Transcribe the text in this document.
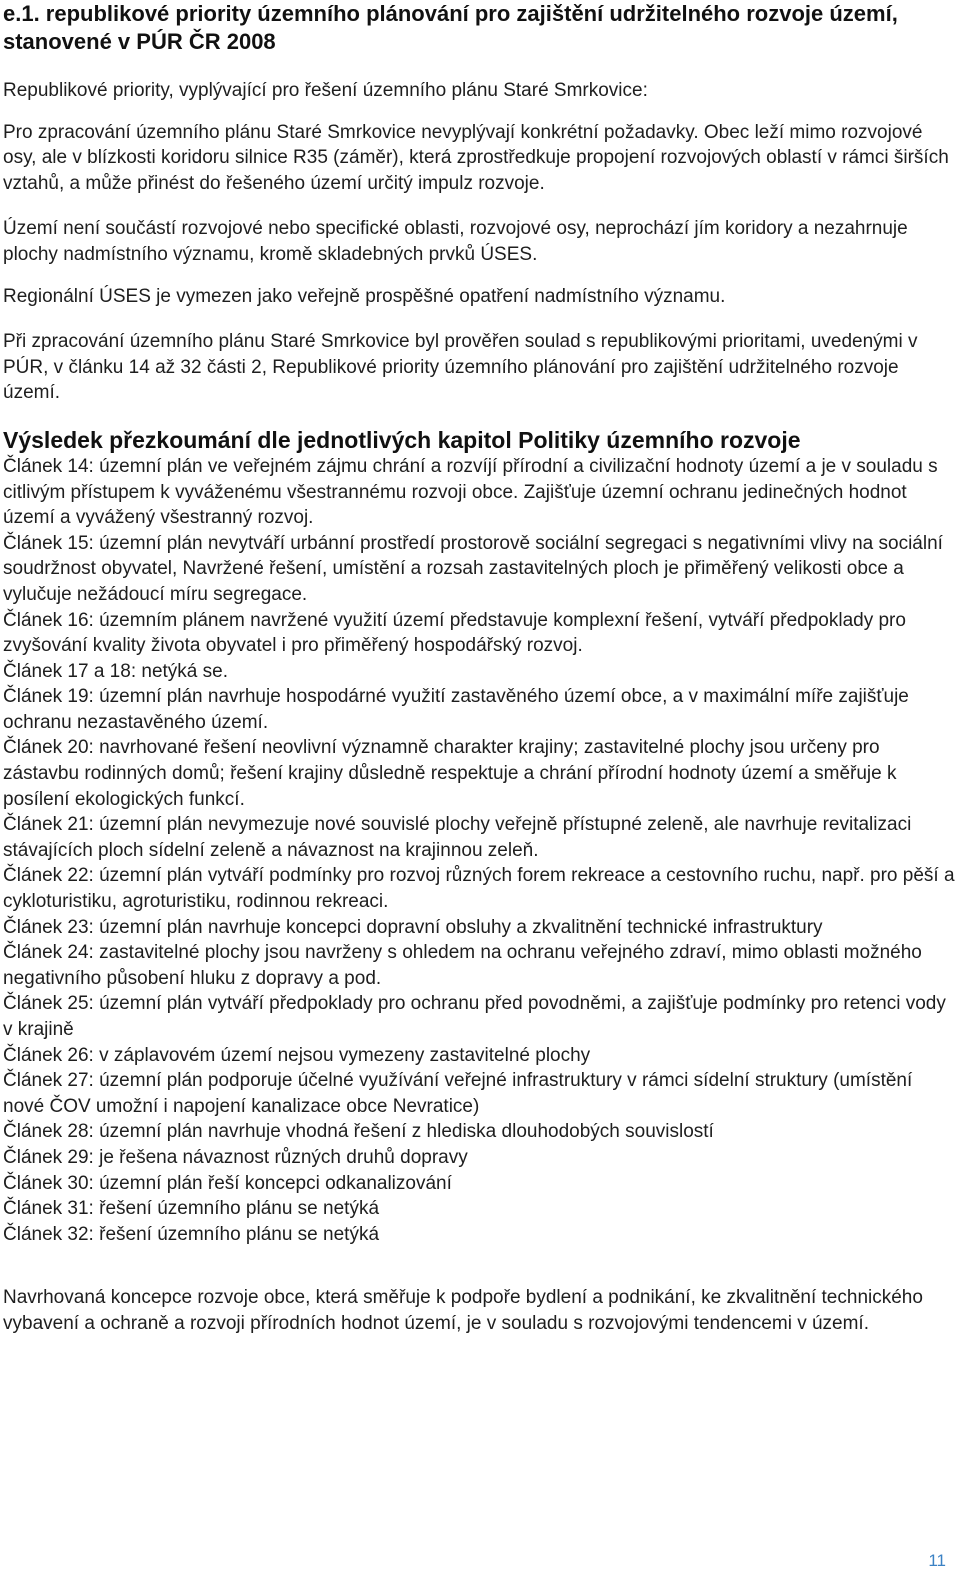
e.1. republikové priority územního plánování pro zajištění udržitelného rozvoje území, stanovené v PÚR ČR 2008

Republikové priority, vyplývající pro řešení územního plánu Staré Smrkovice:

Pro zpracování územního plánu Staré Smrkovice nevyplývají konkrétní požadavky. Obec leží mimo rozvojové osy, ale v blízkosti koridoru silnice R35 (záměr), která zprostředkuje propojení rozvojových oblastí v rámci širších vztahů, a může přinést do řešeného území určitý impulz rozvoje.

Území není součástí rozvojové nebo specifické oblasti, rozvojové osy, neprochází jím koridory a nezahrnuje plochy nadmístního významu, kromě skladebných prvků ÚSES.

Regionální ÚSES je vymezen jako veřejně prospěšné opatření nadmístního významu.

Při zpracování územního plánu Staré Smrkovice byl prověřen soulad s republikovými prioritami, uvedenými v PÚR, v článku 14 až 32 části 2, Republikové priority územního plánování pro zajištění udržitelného rozvoje území.

Výsledek přezkoumání dle jednotlivých kapitol Politiky územního rozvoje

Článek 14: územní plán ve veřejném zájmu chrání a rozvíjí přírodní a civilizační hodnoty území a je v souladu s citlivým přístupem k vyváženému všestrannému rozvoji obce. Zajišťuje územní ochranu jedinečných hodnot území a vyvážený všestranný rozvoj.

Článek 15: územní plán nevytváří urbánní prostředí prostorově sociální segregaci s negativními vlivy na sociální soudržnost obyvatel, Navržené řešení, umístění a rozsah zastavitelných ploch je přiměřený velikosti obce a vylučuje nežádoucí míru segregace.

Článek 16: územním plánem navržené využití území představuje komplexní řešení, vytváří předpoklady pro zvyšování kvality života obyvatel i pro přiměřený hospodářský rozvoj.

Článek 17 a 18: netýká se.

Článek 19: územní plán navrhuje hospodárné využití zastavěného území obce, a v maximální míře zajišťuje ochranu nezastavěného území.

Článek 20: navrhované řešení neovlivní významně charakter krajiny; zastavitelné plochy jsou určeny pro zástavbu rodinných domů; řešení krajiny důsledně respektuje a chrání přírodní hodnoty území a směřuje k posílení ekologických funkcí.

Článek 21: územní plán nevymezuje nové souvislé plochy veřejně přístupné zeleně, ale navrhuje revitalizaci stávajících ploch sídelní zeleně a návaznost na krajinnou zeleň.

Článek 22: územní plán vytváří podmínky pro rozvoj různých forem rekreace a cestovního ruchu, např. pro pěší a cykloturistiku, agroturistiku, rodinnou rekreaci.

Článek 23: územní plán navrhuje koncepci dopravní obsluhy a zkvalitnění technické infrastruktury

Článek 24: zastavitelné plochy jsou navrženy s ohledem na ochranu veřejného zdraví, mimo oblasti možného negativního působení hluku z dopravy a pod.

Článek 25: územní plán vytváří předpoklady pro ochranu před povodněmi, a zajišťuje podmínky pro retenci vody v krajině

Článek 26: v záplavovém území nejsou vymezeny zastavitelné plochy

Článek 27: územní plán podporuje účelné využívání veřejné infrastruktury v rámci sídelní struktury (umístění nové ČOV umožní i napojení kanalizace obce Nevratice)

Článek 28: územní plán navrhuje vhodná řešení z hlediska dlouhodobých souvislostí

Článek 29: je řešena návaznost různých druhů dopravy

Článek 30: územní plán řeší koncepci odkanalizování

Článek 31: řešení územního plánu se netýká

Článek 32: řešení územního plánu se netýká

Navrhovaná koncepce rozvoje obce, která směřuje k podpoře bydlení a podnikání, ke zkvalitnění technického vybavení a ochraně a rozvoji přírodních hodnot území, je v souladu s rozvojovými tendencemi v území.

11
